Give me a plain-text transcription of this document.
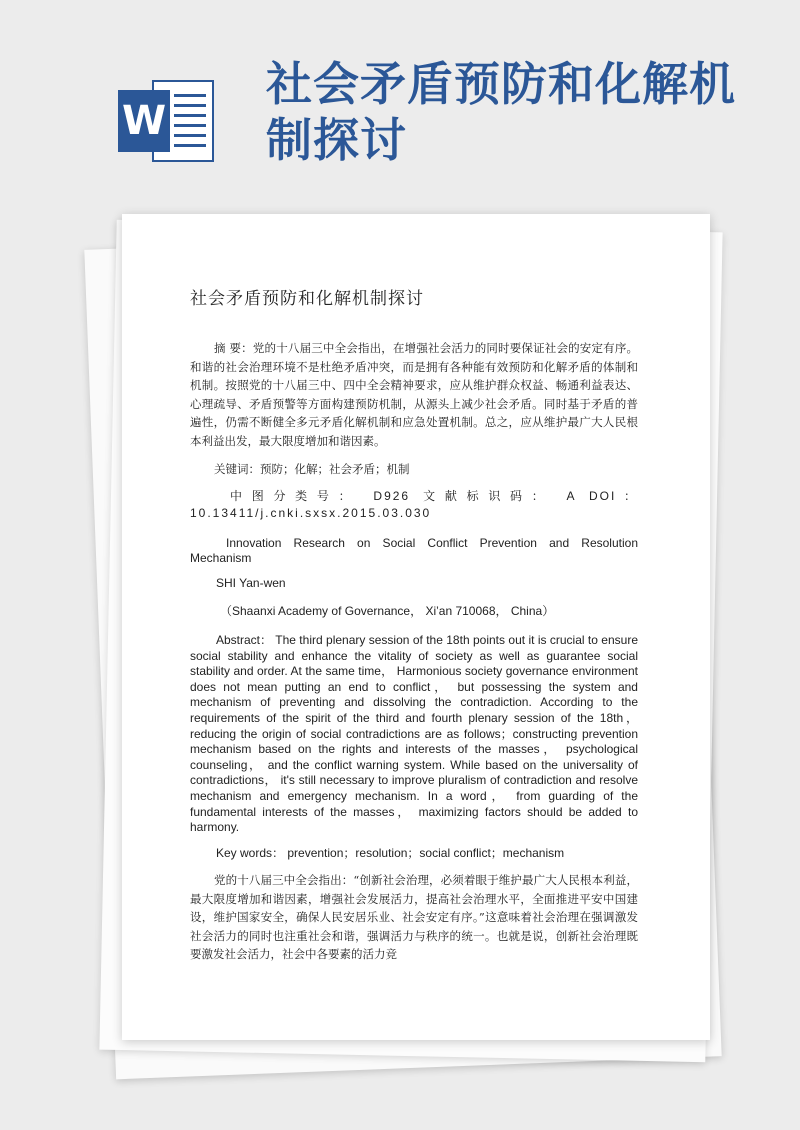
W
社会矛盾预防和化解机制探讨
社会矛盾预防和化解机制探讨

摘 要：党的十八届三中全会指出，在增强社会活力的同时要保证社会的安定有序。和谐的社会治理环境不是杜绝矛盾冲突，而是拥有各种能有效预防和化解矛盾的体制和机制。按照党的十八届三中、四中全会精神要求，应从维护群众权益、畅通利益表达、心理疏导、矛盾预警等方面构建预防机制，从源头上减少社会矛盾。同时基于矛盾的普遍性，仍需不断健全多元矛盾化解机制和应急处置机制。总之，应从维护最广大人民根本利益出发，最大限度增加和谐因素。

关键词：预防；化解；社会矛盾；机制

中图分类号： D926 文献标识码： A DOI：10.13411/j.cnki.sxsx.2015.03.030

Innovation Research on Social Conflict Prevention and Resolution Mechanism

SHI Yan-wen

（Shaanxi Academy of Governance， Xi’an 710068， China）

Abstract： The third plenary session of the 18th points out it is crucial to ensure social stability and enhance the vitality of society as well as guarantee social stability and order. At the same time， Harmonious society governance environment does not mean putting an end to conflict， but possessing the system and mechanism of preventing and dissolving the contradiction. According to the requirements of the spirit of the third and fourth plenary session of the 18th， reducing the origin of social contradictions are as follows；constructing prevention mechanism based on the rights and interests of the masses， psychological counseling， and the conflict warning system. While based on the universality of contradictions， it's still necessary to improve pluralism of contradiction and resolve mechanism and emergency mechanism. In a word， from guarding of the fundamental interests of the masses， maximizing factors should be added to harmony.

Key words： prevention；resolution；social conflict；mechanism

党的十八届三中全会指出：“创新社会治理，必须着眼于维护最广大人民根本利益，最大限度增加和谐因素，增强社会发展活力，提高社会治理水平，全面推进平安中国建设，维护国家安全，确保人民安居乐业、社会安定有序。”这意味着社会治理在强调激发社会活力的同时也注重社会和谐，强调活力与秩序的统一。也就是说，创新社会治理既要激发社会活力，社会中各要素的活力竞
